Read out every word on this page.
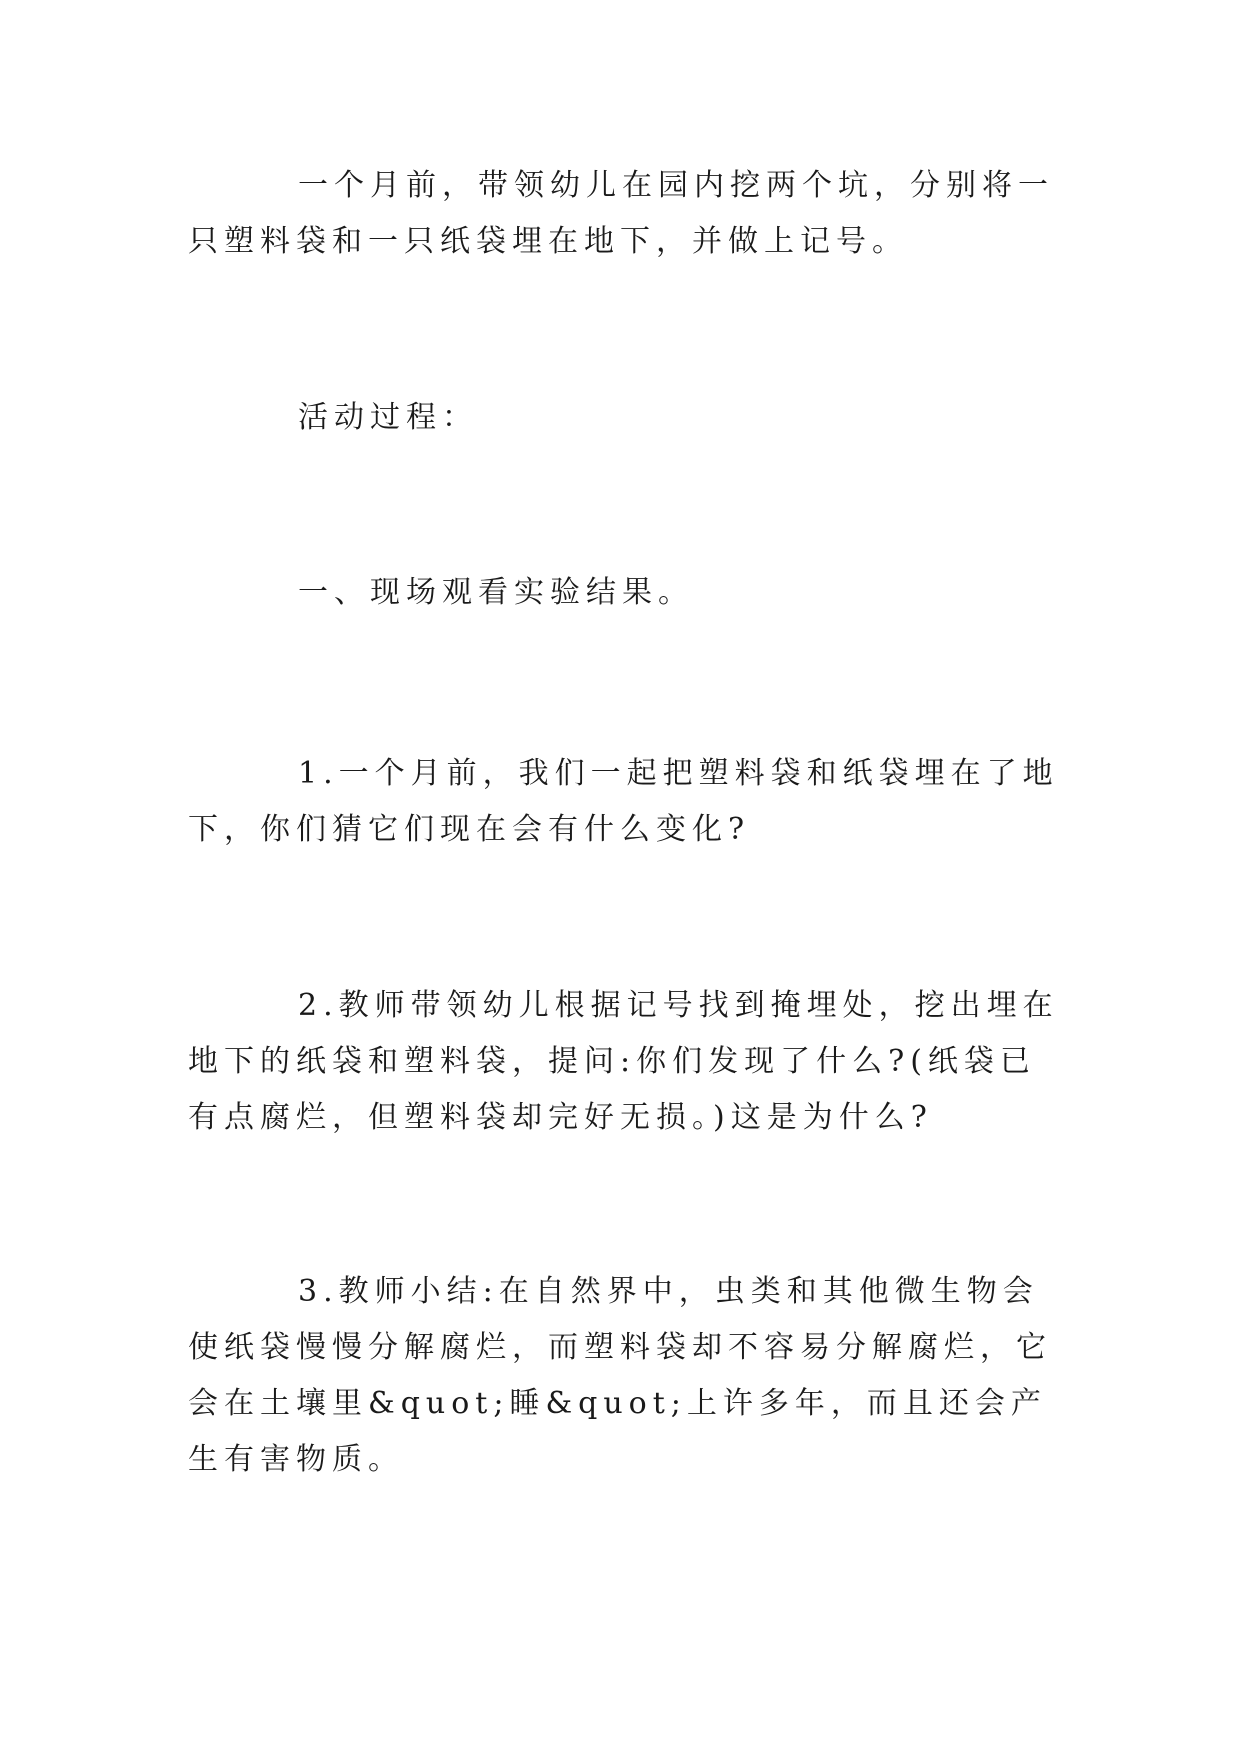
一个月前，带领幼儿在园内挖两个坑，分别将一只塑料袋和一只纸袋埋在地下，并做上记号。

活动过程：

一、现场观看实验结果。

1.一个月前，我们一起把塑料袋和纸袋埋在了地下，你们猜它们现在会有什么变化?

2.教师带领幼儿根据记号找到掩埋处，挖出埋在地下的纸袋和塑料袋，提问:你们发现了什么?(纸袋已有点腐烂，但塑料袋却完好无损。)这是为什么?

3.教师小结:在自然界中，虫类和其他微生物会使纸袋慢慢分解腐烂，而塑料袋却不容易分解腐烂，它会在土壤里&quot;睡&quot;上许多年，而且还会产生有害物质。
